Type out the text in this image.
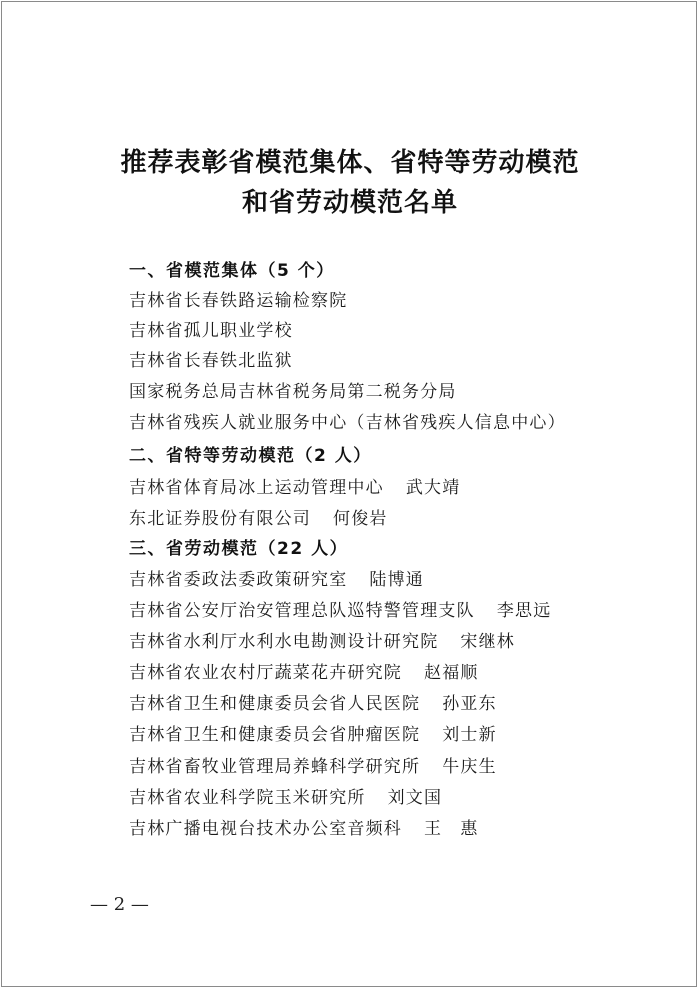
推荐表彰省模范集体、省特等劳动模范
和省劳动模范名单
一、省模范集体（5 个）
吉林省长春铁路运输检察院
吉林省孤儿职业学校
吉林省长春铁北监狱
国家税务总局吉林省税务局第二税务分局
吉林省残疾人就业服务中心（吉林省残疾人信息中心）
二、省特等劳动模范（2 人）
吉林省体育局冰上运动管理中心 武大靖
东北证券股份有限公司 何俊岩
三、省劳动模范（22 人）
吉林省委政法委政策研究室 陆博通
吉林省公安厅治安管理总队巡特警管理支队 李思远
吉林省水利厅水利水电勘测设计研究院 宋继林
吉林省农业农村厅蔬菜花卉研究院 赵福顺
吉林省卫生和健康委员会省人民医院 孙亚东
吉林省卫生和健康委员会省肿瘤医院 刘士新
吉林省畜牧业管理局养蜂科学研究所 牛庆生
吉林省农业科学院玉米研究所 刘文国
吉林广播电视台技术办公室音频科 王　惠
— 2 —
